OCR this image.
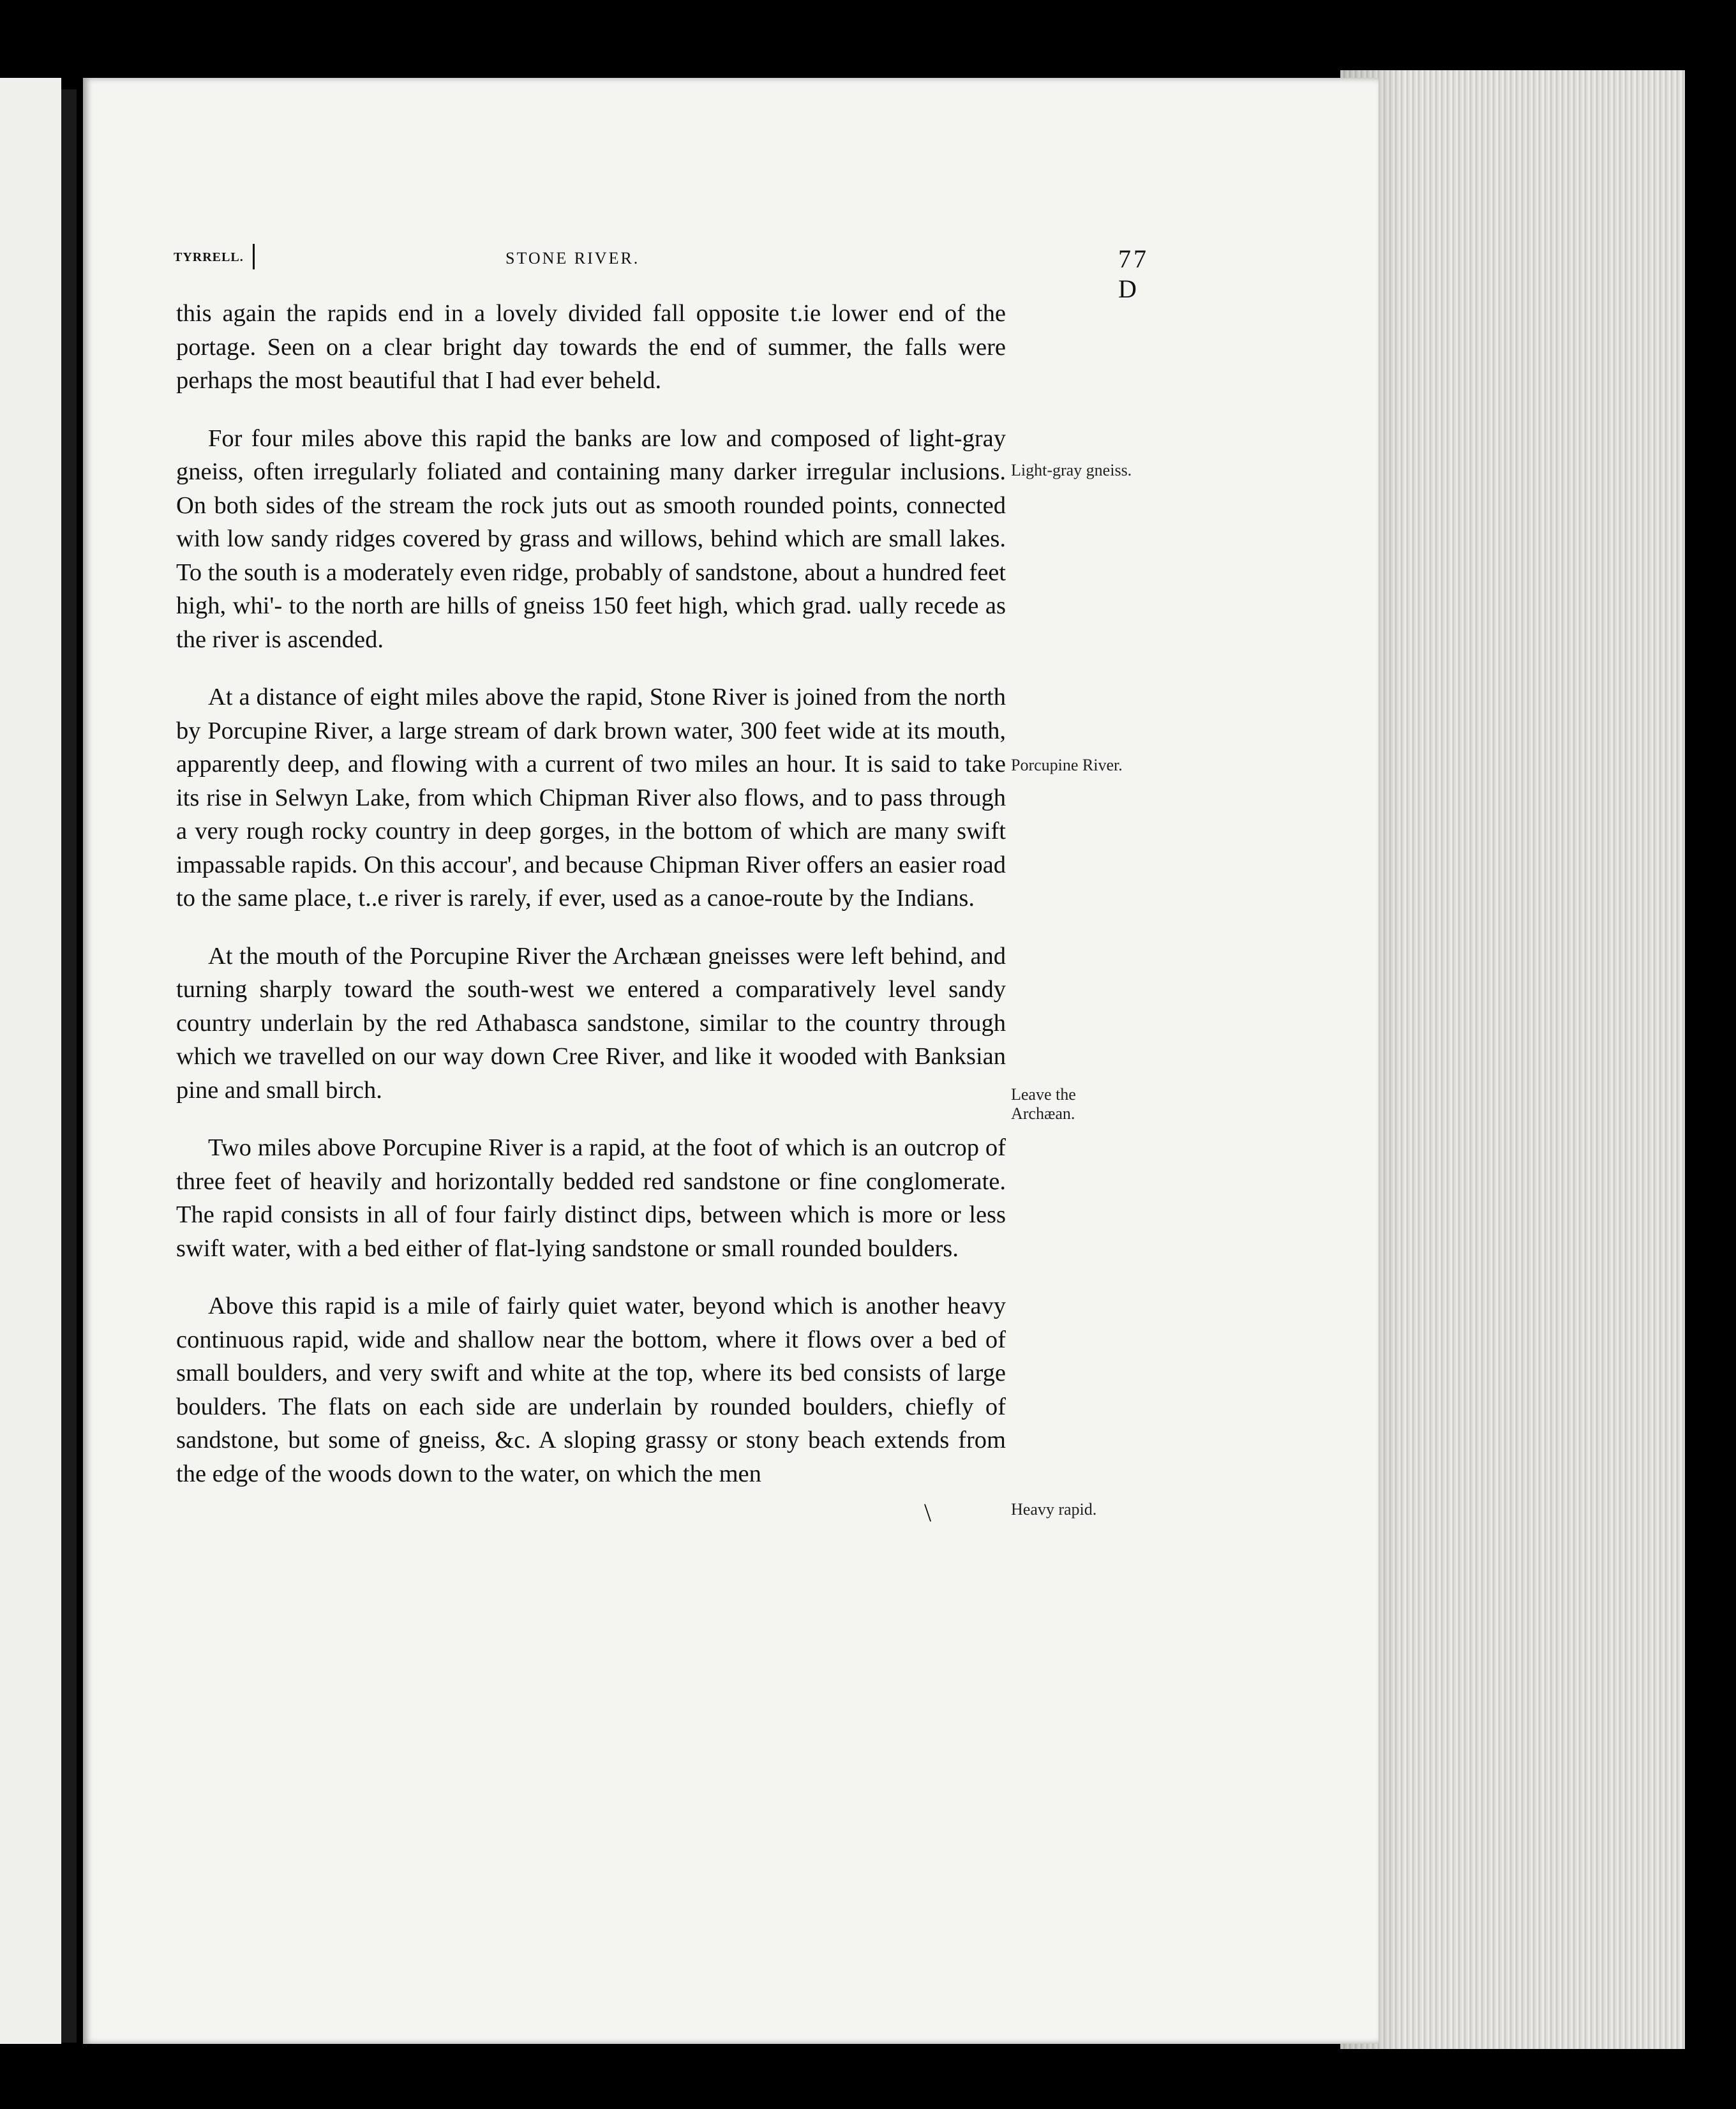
TYRRELL.	STONE RIVER.	77 D

this again the rapids end in a lovely divided fall opposite t.ie lower end of the portage. Seen on a clear bright day towards the end of summer, the falls were perhaps the most beautiful that I had ever beheld.

For four miles above this rapid the banks are low and composed of light-gray gneiss, often irregularly foliated and containing many darker irregular inclusions. On both sides of the stream the rock juts out as smooth rounded points, connected with low sandy ridges covered by grass and willows, behind which are small lakes. To the south is a moderately even ridge, probably of sandstone, about a hundred feet high, whi'- to the north are hills of gneiss 150 feet high, which grad. ually recede as the river is ascended.

At a distance of eight miles above the rapid, Stone River is joined from the north by Porcupine River, a large stream of dark brown water, 300 feet wide at its mouth, apparently deep, and flowing with a current of two miles an hour. It is said to take its rise in Selwyn Lake, from which Chipman River also flows, and to pass through a very rough rocky country in deep gorges, in the bottom of which are many swift impassable rapids. On this accour', and because Chipman River offers an easier road to the same place, t..e river is rarely, if ever, used as a canoe-route by the Indians.

At the mouth of the Porcupine River the Archæan gneisses were left behind, and turning sharply toward the south-west we entered a comparatively level sandy country underlain by the red Athabasca sandstone, similar to the country through which we travelled on our way down Cree River, and like it wooded with Banksian pine and small birch.

Two miles above Porcupine River is a rapid, at the foot of which is an outcrop of three feet of heavily and horizontally bedded red sandstone or fine conglomerate. The rapid consists in all of four fairly distinct dips, between which is more or less swift water, with a bed either of flat-lying sandstone or small rounded boulders.

Above this rapid is a mile of fairly quiet water, beyond which is another heavy continuous rapid, wide and shallow near the bottom, where it flows over a bed of small boulders, and very swift and white at the top, where its bed consists of large boulders. The flats on each side are underlain by rounded boulders, chiefly of sandstone, but some of gneiss, &c. A sloping grassy or stony beach extends from the edge of the woods down to the water, on which the men

Light-gray gneiss.
Porcupine River.
Leave the Archæan.
Heavy rapid.
\
